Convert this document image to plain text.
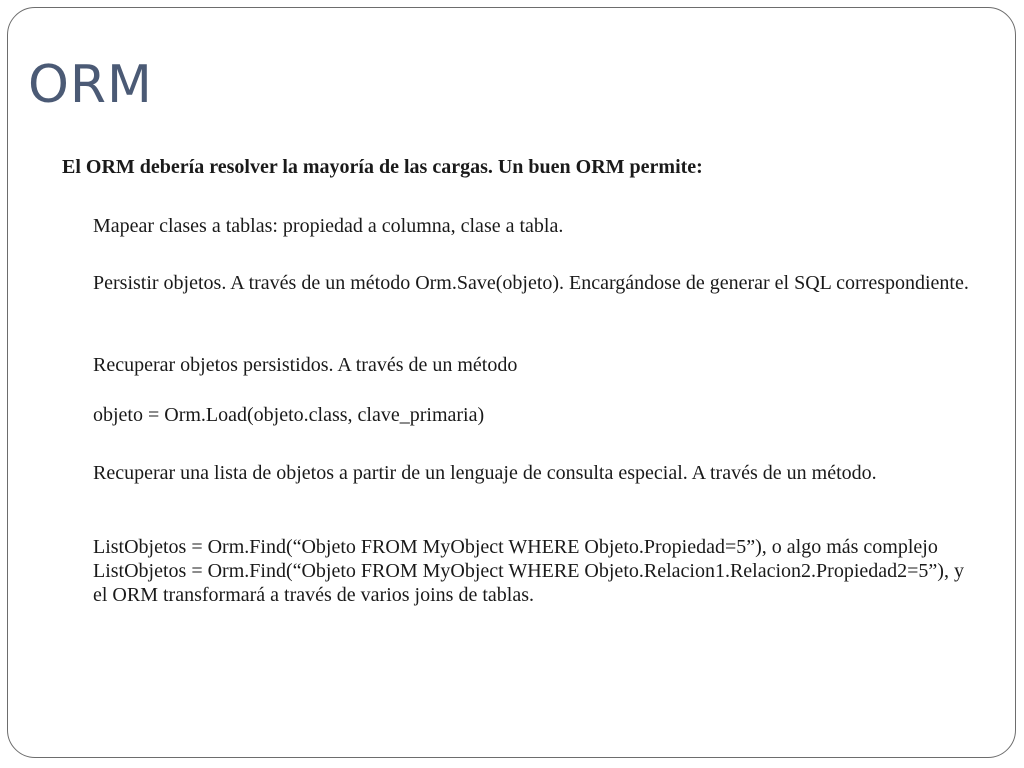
ORM

El ORM debería resolver la mayoría de las cargas. Un buen ORM permite:

Mapear clases a tablas: propiedad a columna, clase a tabla.

Persistir objetos. A través de un método Orm.Save(objeto). Encargándose de generar el SQL correspondiente.

Recuperar objetos persistidos. A través de un método

objeto = Orm.Load(objeto.class, clave_primaria)

Recuperar una lista de objetos a partir de un lenguaje de consulta especial. A través de un método.

ListObjetos = Orm.Find(“Objeto FROM MyObject WHERE Objeto.Propiedad=5”), o algo más complejo ListObjetos = Orm.Find(“Objeto FROM MyObject WHERE Objeto.Relacion1.Relacion2.Propiedad2=5”), y el ORM transformará a través de varios joins de tablas.
